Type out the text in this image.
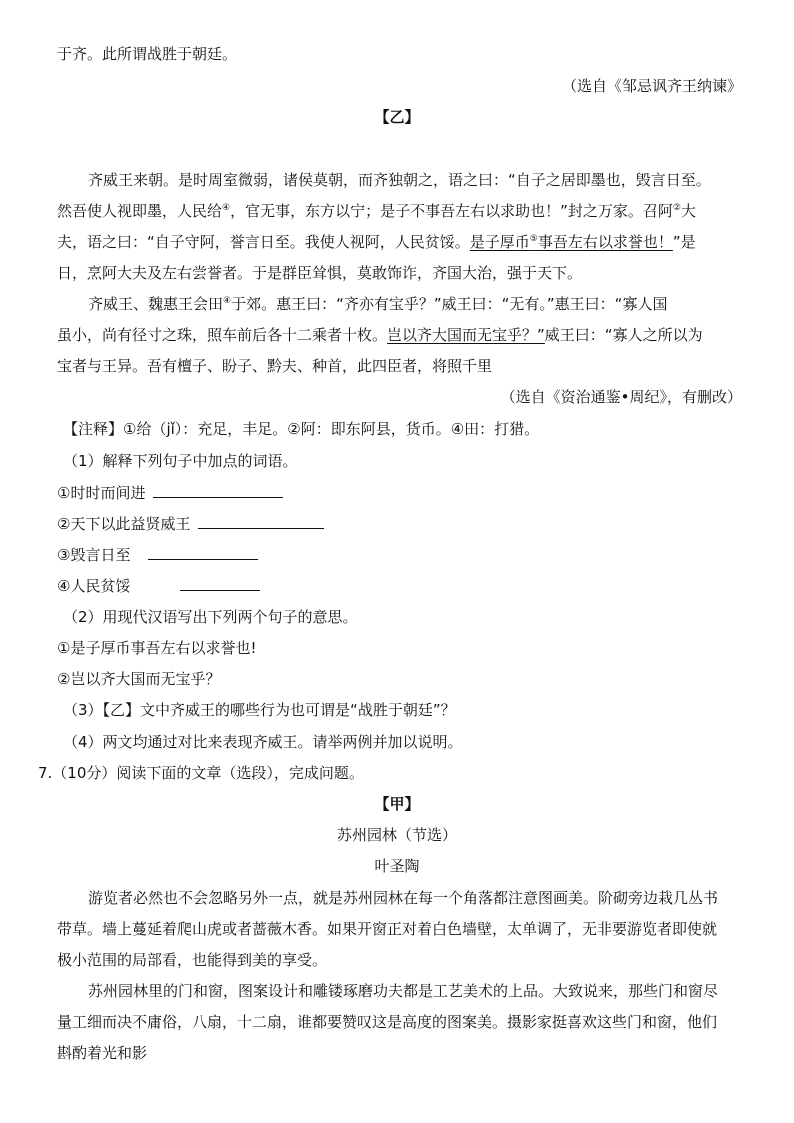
于齐。此所谓战胜于朝廷。
（选自《邹忌讽齐王纳谏》
【乙】
齐威王来朝。是时周室微弱，诸侯莫朝，而齐独朝之，语之曰：“自子之居即墨也，毁言日至。
然吾使人视即墨，人民给④，官无事，东方以宁；是子不事吾左右以求助也！”封之万家。召阿②大
夫，语之曰：“自子守阿，誉言日至。我使人视阿，人民贫馁。是子厚币⑤事吾左右以求誉也！”是
日，烹阿大夫及左右尝誉者。于是群臣耸惧，莫敢饰诈，齐国大治，强于天下。
齐威王、魏惠王会田④于郊。惠王曰：“齐亦有宝乎？”威王曰：“无有。”惠王曰：“寡人国
虽小，尚有径寸之珠，照车前后各十二乘者十枚。岂以齐大国而无宝乎？”威王曰：“寡人之所以为
宝者与王异。吾有檀子、盼子、黔夫、种首，此四臣者，将照千里
（选自《资治通鉴•周纪》，有删改）
【注释】①给（jǐ）：充足，丰足。②阿：即东阿县，货币。④田：打猎。
（1）解释下列句子中加点的词语。
①时时而间进
②天下以此益贤威王
③毁言日至
④人民贫馁
（2）用现代汉语写出下列两个句子的意思。
①是子厚币事吾左右以求誉也!
②岂以齐大国而无宝乎？
（3）【乙】文中齐威王的哪些行为也可谓是“战胜于朝廷”？
（4）两文均通过对比来表现齐威王。请举两例并加以说明。
7.（10分）阅读下面的文章（选段），完成问题。
【甲】
苏州园林（节选）
叶圣陶
游览者必然也不会忽略另外一点，就是苏州园林在每一个角落都注意图画美。阶砌旁边栽几丛书
带草。墙上蔓延着爬山虎或者蔷薇木香。如果开窗正对着白色墙壁，太单调了，无非要游览者即使就
极小范围的局部看，也能得到美的享受。
苏州园林里的门和窗，图案设计和雕镂琢磨功夫都是工艺美术的上品。大致说来，那些门和窗尽
量工细而决不庸俗，八扇，十二扇，谁都要赞叹这是高度的图案美。摄影家挺喜欢这些门和窗，他们
斟酌着光和影
